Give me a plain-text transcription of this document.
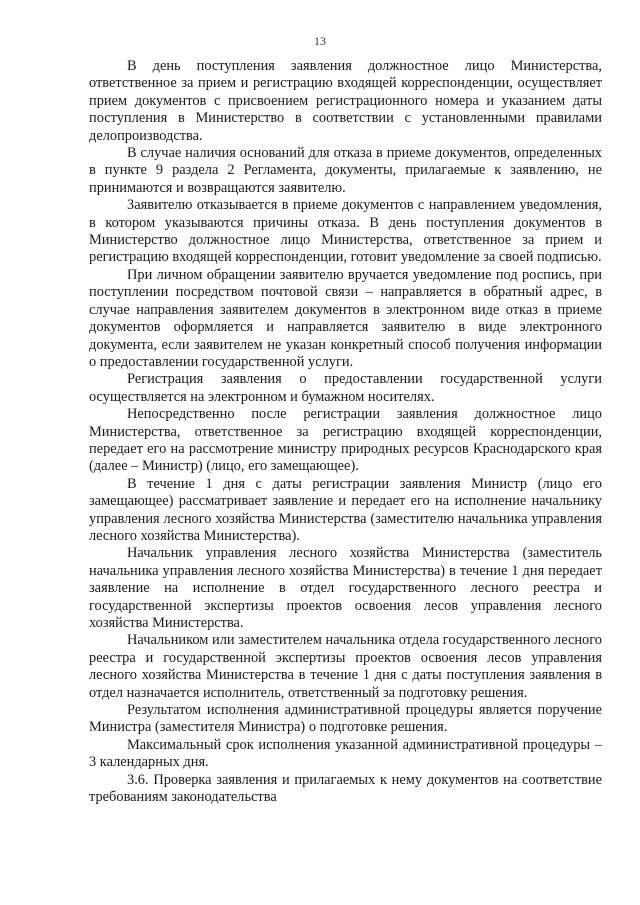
13

В день поступления заявления должностное лицо Министерства, ответственное за прием и регистрацию входящей корреспонденции, осуществляет прием документов с присвоением регистрационного номера и указанием даты поступления в Министерство в соответствии с установленными правилами делопроизводства.

В случае наличия оснований для отказа в приеме документов, определенных в пункте 9 раздела 2 Регламента, документы, прилагаемые к заявлению, не принимаются и возвращаются заявителю.

Заявителю отказывается в приеме документов с направлением уведомления, в котором указываются причины отказа. В день поступления документов в Министерство должностное лицо Министерства, ответственное за прием и регистрацию входящей корреспонденции, готовит уведомление за своей подписью.

При личном обращении заявителю вручается уведомление под роспись, при поступлении посредством почтовой связи – направляется в обратный адрес, в случае направления заявителем документов в электронном виде отказ в приеме документов оформляется и направляется заявителю в виде электронного документа, если заявителем не указан конкретный способ получения информации о предоставлении государственной услуги.

Регистрация заявления о предоставлении государственной услуги осуществляется на электронном и бумажном носителях.

Непосредственно после регистрации заявления должностное лицо Министерства, ответственное за регистрацию входящей корреспонденции, передает его на рассмотрение министру природных ресурсов Краснодарского края (далее – Министр) (лицо, его замещающее).

В течение 1 дня с даты регистрации заявления Министр (лицо его замещающее) рассматривает заявление и передает его на исполнение начальнику управления лесного хозяйства Министерства (заместителю начальника управления лесного хозяйства Министерства).

Начальник управления лесного хозяйства Министерства (заместитель начальника управления лесного хозяйства Министерства) в течение 1 дня передает заявление на исполнение в отдел государственного лесного реестра и государственной экспертизы проектов освоения лесов управления лесного хозяйства Министерства.

Начальником или заместителем начальника отдела государственного лесного реестра и государственной экспертизы проектов освоения лесов управления лесного хозяйства Министерства в течение 1 дня с даты поступления заявления в отдел назначается исполнитель, ответственный за подготовку решения.

Результатом исполнения административной процедуры является поручение Министра (заместителя Министра) о подготовке решения.

Максимальный срок исполнения указанной административной процедуры – 3 календарных дня.

3.6. Проверка заявления и прилагаемых к нему документов на соответствие требованиям законодательства
